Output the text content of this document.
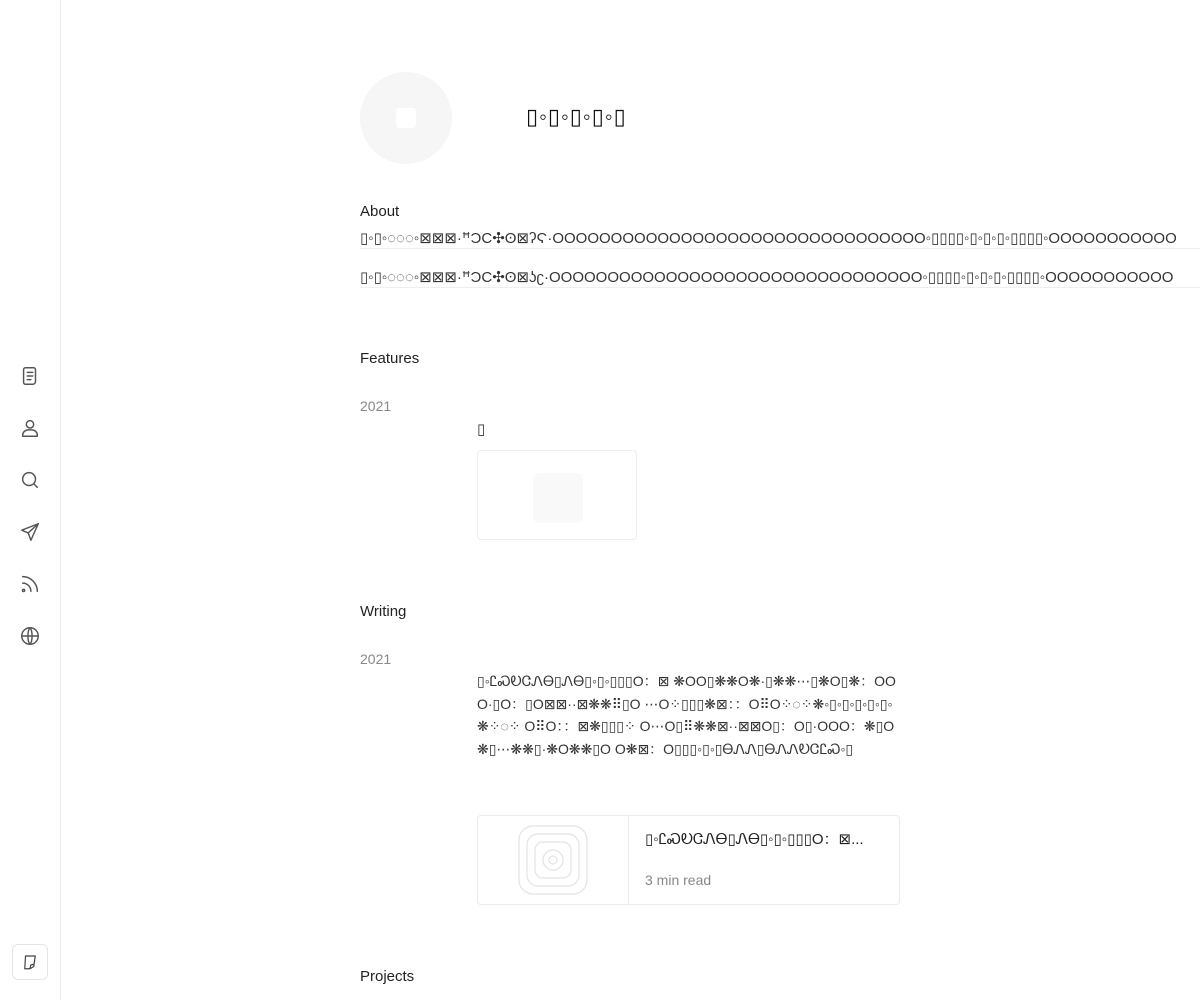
▯◦▯◦▯◦▯◦▯
About
▯◦▯◦◌◌◌◦⊠⊠⊠·ꟸϽϹ✣ʘ⊠ʔϚ·OOOOOOOOOOOOOOOOOOOOOOOOOOOOOOOO◦▯▯▯▯◦▯◦▯◦▯◦▯▯▯▯◦OOOOOOOOOOO
▯◦▯◦◌◌◌◦⊠⊠⊠·ꟸϽϹ✣ʘ⊠ʖʗ·OOOOOOOOOOOOOOOOOOOOOOOOOOOOOOOO◦▯▯▯▯◦▯◦▯◦▯◦▯▯▯▯◦OOOOOOOOOOO
Features
2021
▯
Writing
2021
▯◦ᏝᏍᎧᏣᏁᎾ▯ᏁᎾ▯◦▯◦▯▯▯O：⊠ ❋OO▯❋❋O❋·▯❋❋⋯▯❋O▯❋：OOO·▯O：▯O⊠⊠··⊠❋❋⠿▯O ⋯O⁘▯▯▯❋⊠：：O⠿O⁘◌⁘❋◦▯◦▯◦▯◦▯◦▯◦❋⁘◌⁘ O⠿O：：⊠❋▯▯▯⁘ O⋯O▯⠿❋❋⊠··⊠⊠O▯：O▯·OOO：❋▯O❋▯⋯❋❋▯·❋O❋❋▯O O❋⊠：O▯▯▯◦▯◦▯ᎾᏁᏁ▯ᎾᏁᏁᎧᏣᏝᏍ◦▯
▯◦ᏝᏍᎧᏣᏁᎾ▯ᏁᎾ▯◦▯◦▯▯▯O：⊠...
3 min read
Projects
